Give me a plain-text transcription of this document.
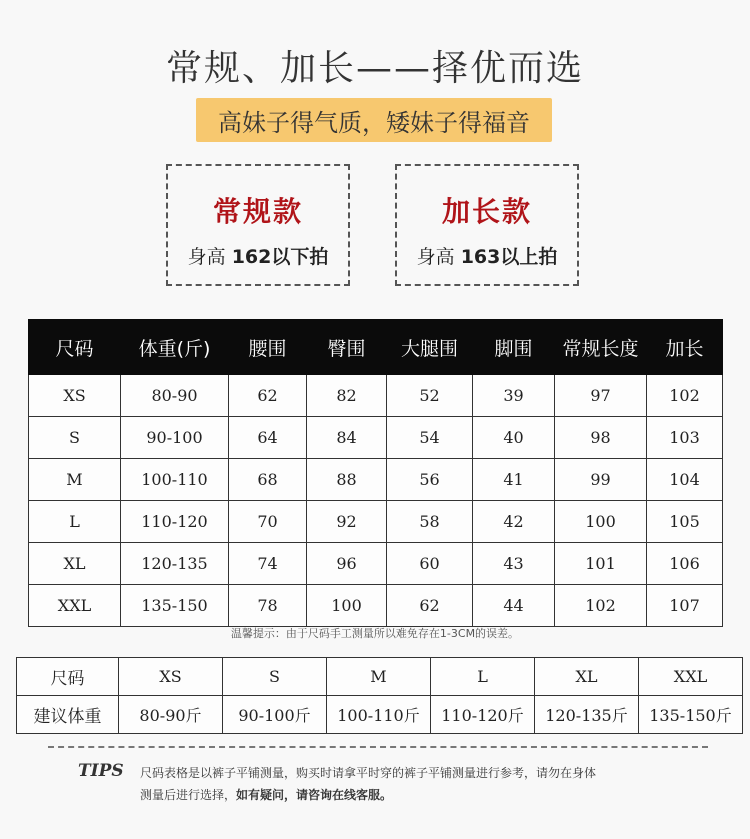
常规、加长——择优而选
高妹子得气质，矮妹子得福音
常规款
身高 162以下拍
加长款
身高 163以上拍
尺码	体重(斤)	腰围	臀围	大腿围	脚围	常规长度	加长
XS	80-90	62	82	52	39	97	102
S	90-100	64	84	54	40	98	103
M	100-110	68	88	56	41	99	104
L	110-120	70	92	58	42	100	105
XL	120-135	74	96	60	43	101	106
XXL	135-150	78	100	62	44	102	107
温馨提示：由于尺码手工测量所以难免存在1-3CM的误差。
尺码	XS	S	M	L	XL	XXL
建议体重	80-90斤	90-100斤	100-110斤	110-120斤	120-135斤	135-150斤
TIPS 尺码表格是以裤子平铺测量，购买时请拿平时穿的裤子平铺测量进行参考，请勿在身体
测量后进行选择，如有疑问，请咨询在线客服。
